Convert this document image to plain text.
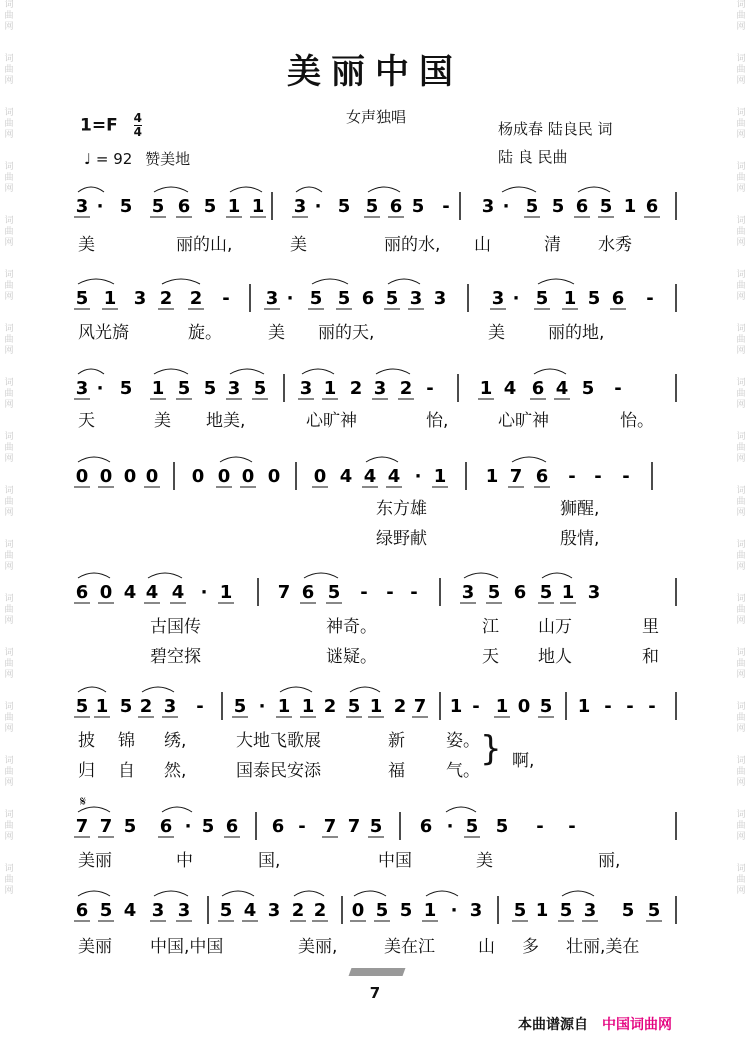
词
曲
网
词
曲
网
词
曲
网
词
曲
网
词
曲
网
词
曲
网
词
曲
网
词
曲
网
词
曲
网
词
曲
网
词
曲
网
词
曲
网
词
曲
网
词
曲
网
词
曲
网
词
曲
网
词
曲
网
词
曲
网
词
曲
网
词
曲
网
词
曲
网
词
曲
网
词
曲
网
词
曲
网
词
曲
网
词
曲
网
词
曲
网
词
曲
网
词
曲
网
词
曲
网
词
曲
网
词
曲
网
词
曲
网
词
曲
网
美丽中国
$1=F \frac{4}{4}$
♩ = 92 赞美地
女声独唱
杨成春 陆良民 词
陆 良 民曲
3 · 5 5 6 5 1 1 3 · 5 5 6 5 - 3 · 5 5 6 5 1 6
美	丽的山,	美	丽的水, 山	清 水秀
5 1 3 2 2 - 3 · 5 5 6 5 3 3	3 · 5 1 5 6 -
风光旖	旋。	美 丽的天,	美	丽的地,
3 · 5 1 5 5 3 5 3 1 2 3 2 -	1 4 6 4 5 -
天	美 地美,	心旷神	怡,	心旷神	怡。
0 0 0 0 0 0 0 0 0 4 4 4 · 1 1 7 6 - - -
东方雄	狮醒,
绿野献	殷情,
6 0 4 4 4 · 1	7 6 5 - - - 3 5 6 5 1 3
古国传	神奇。	江 山万	里
碧空探	谜疑。	天 地人	和
5 1 5 2 3 - 5 · 1 1 2 5 1 2 7 1 - 1 0 5 1 - - -
披 锦 绣,	大地飞歌展	新 姿。
归 自 然,	国泰民安添	福 气。
7 7 5 6 · 5 6 6 - 7 7 5 6 · 5 5 - -
美丽	中	国,	中国	美	丽,
6 5 4 3 3 5 4 3 2 2 0 5 5 1 · 3 5 1 5 3 5 5
美丽 中国,中国	美丽,	美在江	山 多 壮丽,美在
啊,
}
𝄋
7
本曲谱源自 中国词曲网
